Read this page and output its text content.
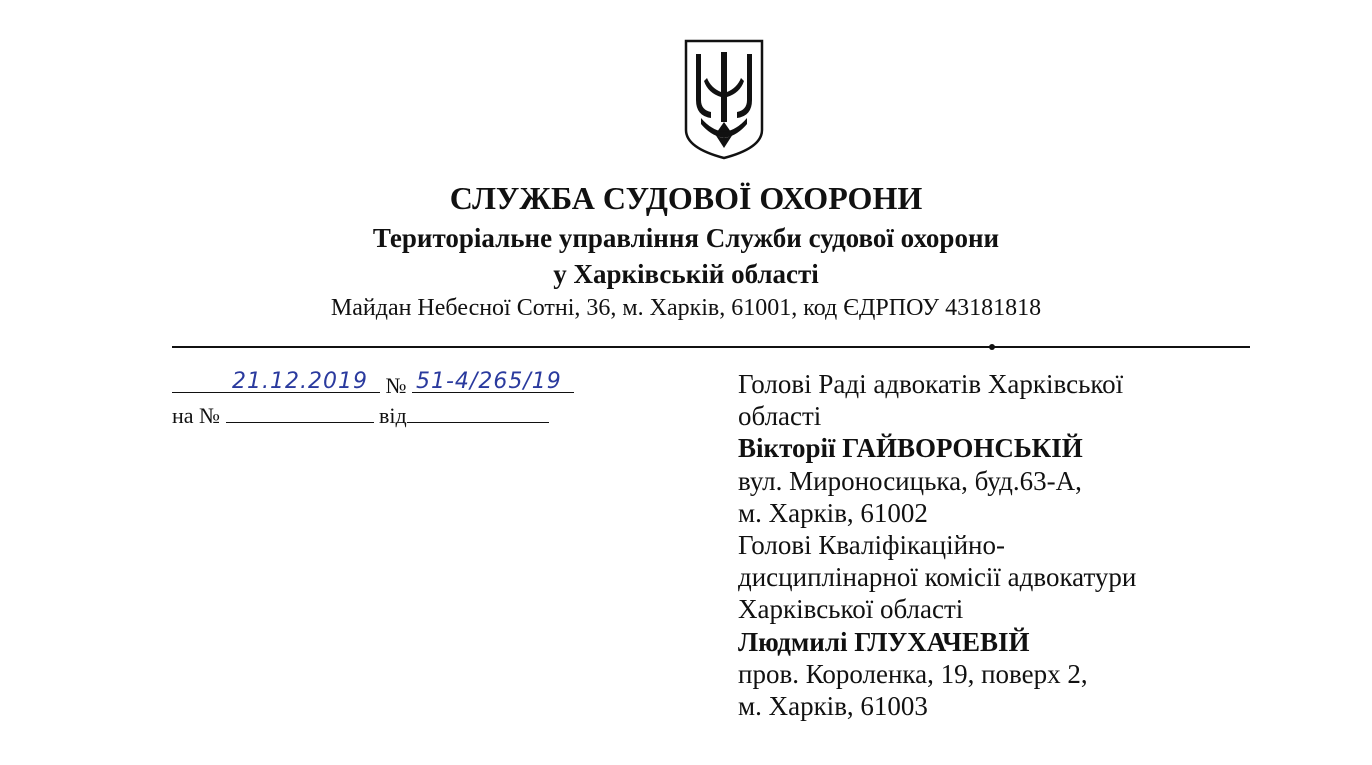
СЛУЖБА СУДОВОЇ ОХОРОНИ
Територіальне управління Служби судової охорони
у Харківській області
Майдан Небесної Сотні, 36, м. Харків, 61001, код ЄДРПОУ 43181818
21.12.2019 № 51-4/265/19
на №	від
Голові Раді адвокатів Харківської
області
Вікторії ГАЙВОРОНСЬКІЙ
вул. Мироносицька, буд.63-А,
м. Харків, 61002
Голові Кваліфікаційно-
дисциплінарної комісії адвокатури
Харківської області
Людмилі ГЛУХАЧЕВІЙ
пров. Короленка, 19, поверх 2,
м. Харків, 61003
